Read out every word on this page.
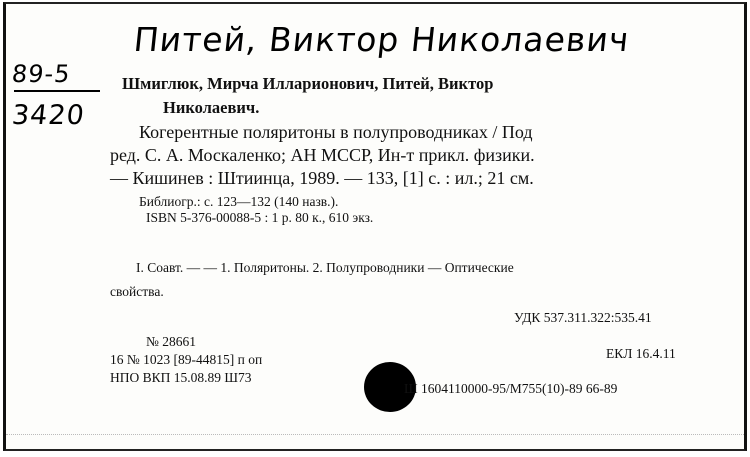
Питей, Виктор Николаевич
89-5
3420
Шмиглюк, Мирча Илларионович, Питей, Виктор
Николаевич.
Когерентные поляритоны в полупроводниках / Под
ред. С. А. Москаленко; АН МССР, Ин-т прикл. физики.
— Кишинев : Штиинца, 1989. — 133, [1] с. : ил.; 21 см.
Библиогр.: с. 123—132 (140 назв.).
ISBN 5-376-00088-5 : 1 р. 80 к., 610 экз.
I. Соавт. — — 1. Поляритоны. 2. Полупроводники — Оптические
свойства.
УДК 537.311.322:535.41
ЕКЛ 16.4.11
№ 28661
16 № 1023 [89-44815] п оп
НПО ВКП 15.08.89 Ш73
Ш 1604110000-95/М755(10)-89 66-89
